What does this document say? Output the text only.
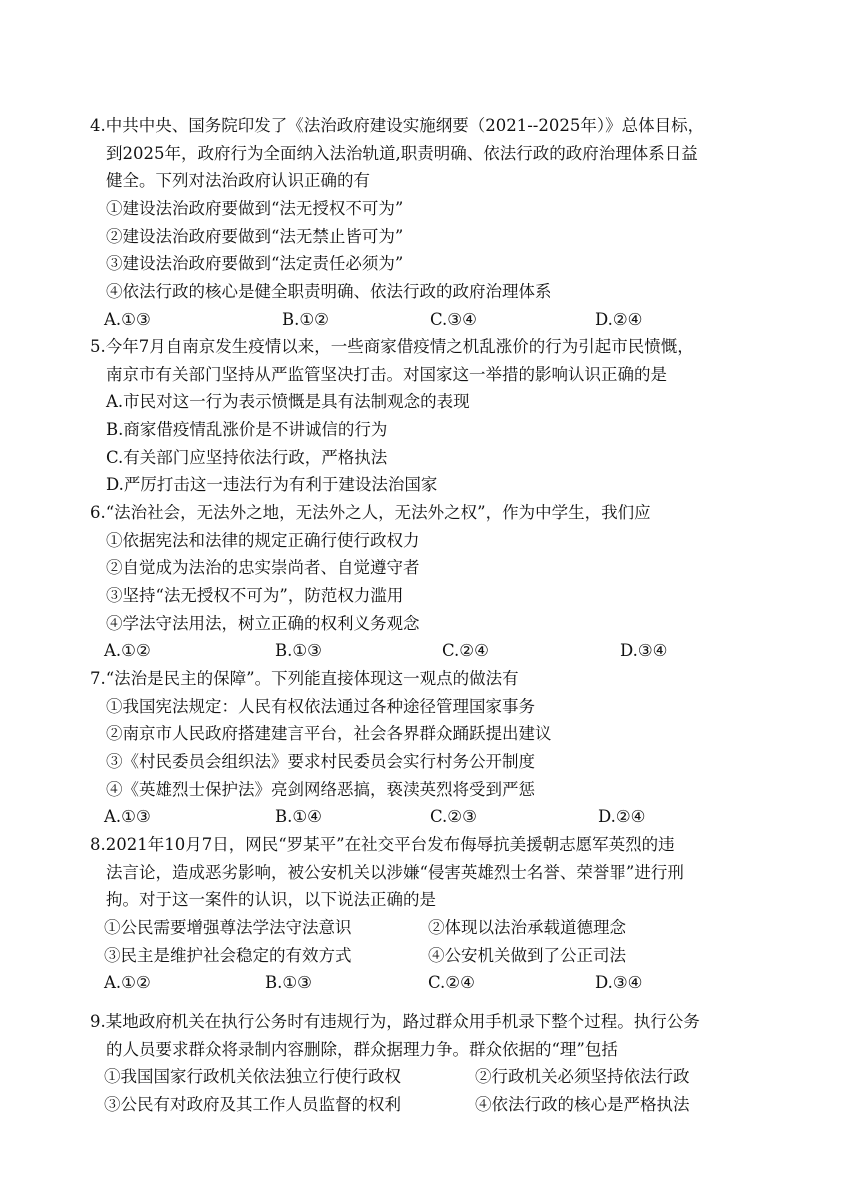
4.中共中央、国务院印发了《法治政府建设实施纲要（2021--2025年）》总体目标，
到2025年，政府行为全面纳入法治轨道,职责明确、依法行政的政府治理体系日益
健全。下列对法治政府认识正确的有
①建设法治政府要做到“法无授权不可为”
②建设法治政府要做到“法无禁止皆可为”
③建设法治政府要做到“法定责任必须为”
④依法行政的核心是健全职责明确、依法行政的政府治理体系
A.①③	B.①②	C.③④	D.②④
5.今年7月自南京发生疫情以来，一些商家借疫情之机乱涨价的行为引起市民愤慨，
南京市有关部门坚持从严监管坚决打击。对国家这一举措的影响认识正确的是
A.市民对这一行为表示愤慨是具有法制观念的表现
B.商家借疫情乱涨价是不讲诚信的行为
C.有关部门应坚持依法行政，严格执法
D.严厉打击这一违法行为有利于建设法治国家
6.“法治社会，无法外之地，无法外之人，无法外之权”，作为中学生，我们应
①依据宪法和法律的规定正确行使行政权力
②自觉成为法治的忠实崇尚者、自觉遵守者
③坚持“法无授权不可为”，防范权力滥用
④学法守法用法，树立正确的权利义务观念
A.①②	B.①③	C.②④	D.③④
7.“法治是民主的保障”。下列能直接体现这一观点的做法有
①我国宪法规定：人民有权依法通过各种途径管理国家事务
②南京市人民政府搭建建言平台，社会各界群众踊跃提出建议
③《村民委员会组织法》要求村民委员会实行村务公开制度
④《英雄烈士保护法》亮剑网络恶搞，亵渎英烈将受到严惩
A.①③	B.①④	C.②③	D.②④
8.2021年10月7日，网民“罗某平”在社交平台发布侮辱抗美援朝志愿军英烈的违
法言论，造成恶劣影响，被公安机关以涉嫌“侵害英雄烈士名誉、荣誉罪”进行刑
拘。对于这一案件的认识，以下说法正确的是
①公民需要增强尊法学法守法意识	②体现以法治承载道德理念
③民主是维护社会稳定的有效方式	④公安机关做到了公正司法
A.①②	B.①③	C.②④	D.③④
9.某地政府机关在执行公务时有违规行为，路过群众用手机录下整个过程。执行公务
的人员要求群众将录制内容删除，群众据理力争。群众依据的“理”包括
①我国国家行政机关依法独立行使行政权	②行政机关必须坚持依法行政
③公民有对政府及其工作人员监督的权利	④依法行政的核心是严格执法
